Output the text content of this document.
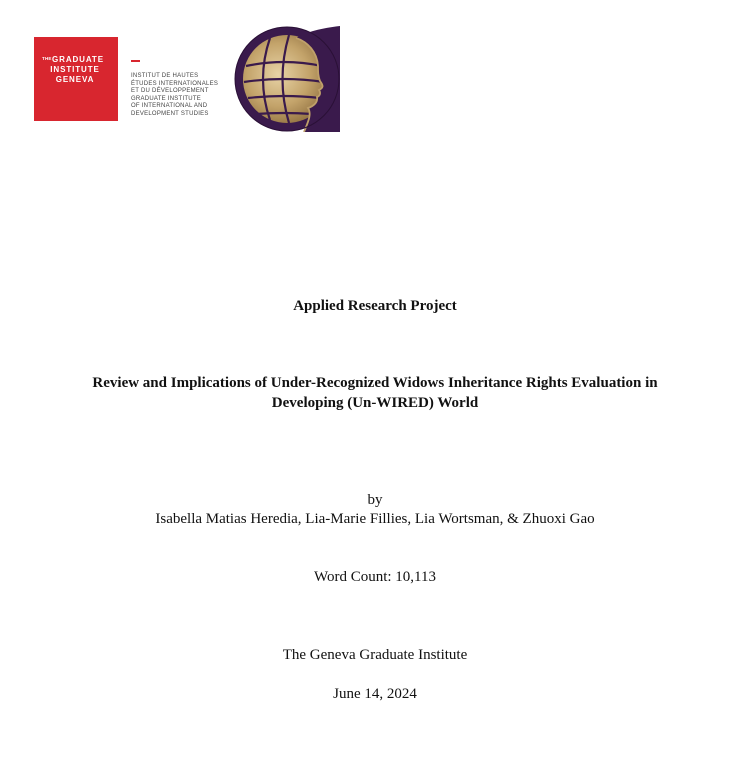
THE GRADUATE
INSTITUTE
GENEVA	INSTITUT DE HAUTES
ÉTUDES INTERNATIONALES
ET DU DÉVELOPPEMENT
GRADUATE INSTITUTE
OF INTERNATIONAL AND
DEVELOPMENT STUDIES
Applied Research Project
Review and Implications of Under-Recognized Widows Inheritance Rights Evaluation in
Developing (Un-WIRED) World
by
Isabella Matias Heredia, Lia-Marie Fillies, Lia Wortsman, & Zhuoxi Gao
Word Count: 10,113
The Geneva Graduate Institute
June 14, 2024
